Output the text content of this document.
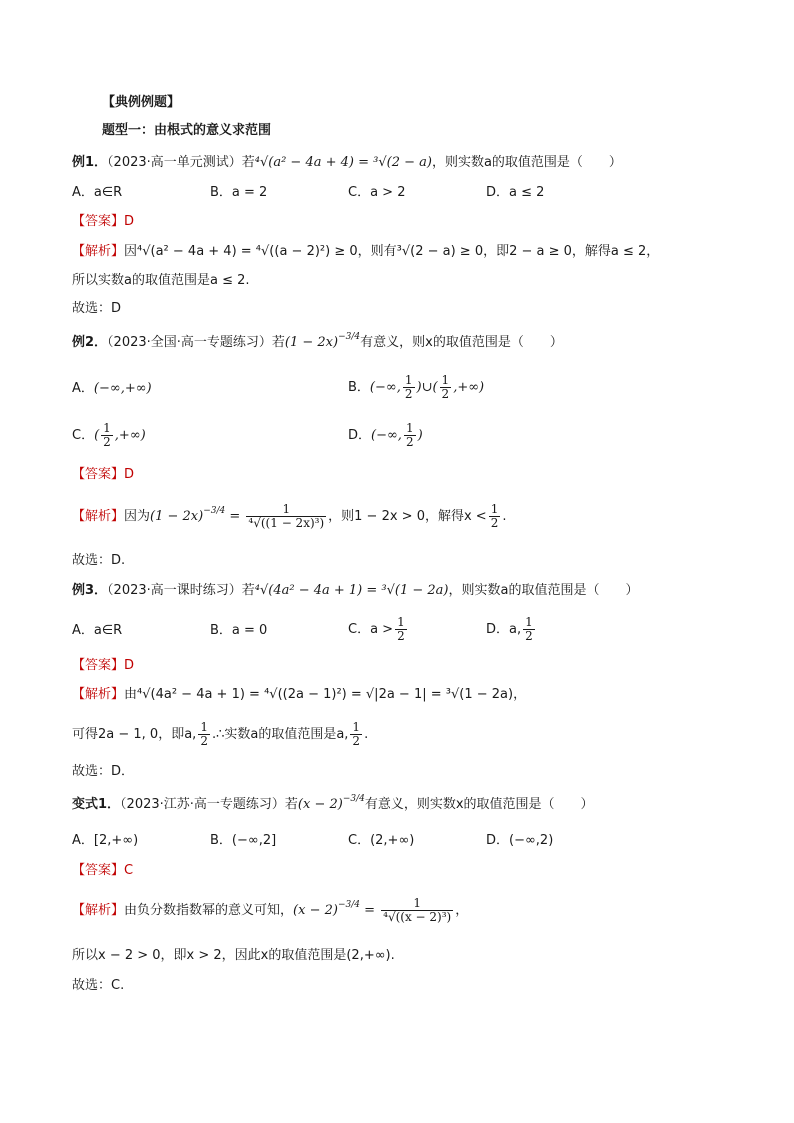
【典例例题】
题型一：由根式的意义求范围
例1．（2023·高一单元测试）若⁴√(a² − 4a + 4) = ³√(2 − a)，则实数a的取值范围是（　　）
A．a∈R	B．a = 2	C．a > 2	D．a ≤ 2
【答案】D
【解析】因⁴√(a² − 4a + 4) = ⁴√((a − 2)²) ≥ 0，则有³√(2 − a) ≥ 0，即2 − a ≥ 0，解得a ≤ 2，
所以实数a的取值范围是a ≤ 2.
故选：D
例2．（2023·全国·高一专题练习）若$(1 - 2x)^{-3/4}$有意义，则x的取值范围是（　　）
A．(−∞,+∞)	B．(−∞, $\frac{1}{2}$ )∪( $\frac{1}{2}$ ,+∞)
C．( $\frac{1}{2}$ ,+∞)	D．(−∞, $\frac{1}{2}$ )
【答案】D
【解析】因为$(1 - 2x)^{-3/4} = \frac{1}{\text{⁴√((1 − 2x)³)}}$ ，则1 − 2x > 0，解得$x < \frac{1}{2}$ .
故选：D.
例3．（2023·高一课时练习）若⁴√(4a² − 4a + 1) = ³√(1 − 2a)，则实数a的取值范围是（　　）
A．a∈R	B．a = 0	C．$a > \frac{1}{2}$	D．a, $\frac{1}{2}$
【答案】D
【解析】由⁴√(4a² − 4a + 1) = ⁴√((2a − 1)²) = √|2a − 1| = ³√(1 − 2a)，
可得2a − 1, 0，即a, $\frac{1}{2}$ .∴实数a的取值范围是a, $\frac{1}{2}$ .
故选：D．
变式1．（2023·江苏·高一专题练习）若$(x - 2)^{-3/4}$有意义，则实数x的取值范围是（　　）
A．[2,+∞)	B．(−∞,2]	C．(2,+∞)	D．(−∞,2)
【答案】C
【解析】由负分数指数幂的意义可知，$(x - 2)^{-3/4} = \frac{1}{\text{⁴√((x − 2)³)}}$ ，
所以x − 2 > 0，即x > 2，因此x的取值范围是(2,+∞).
故选：C.
